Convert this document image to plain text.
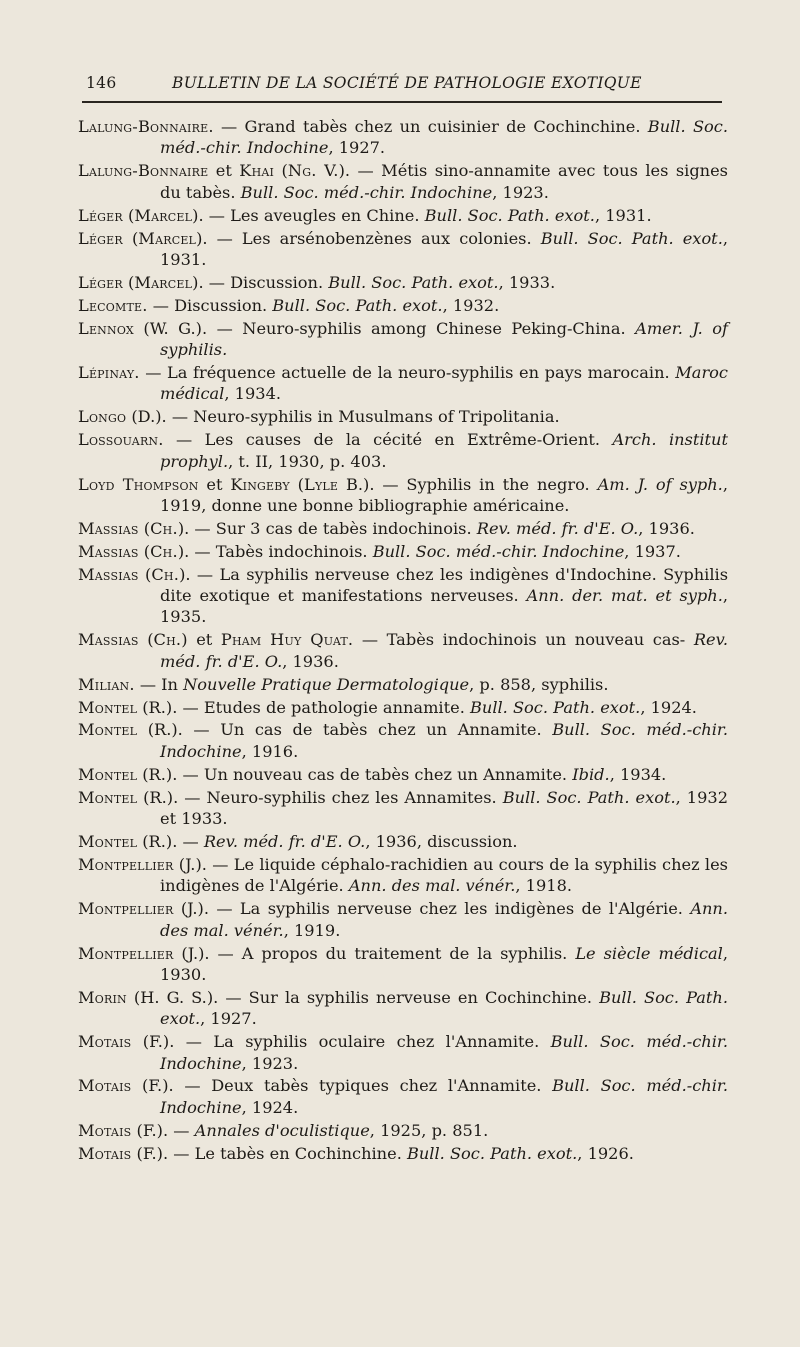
146	BULLETIN DE LA SOCIÉTÉ DE PATHOLOGIE EXOTIQUE
Lalung-Bonnaire. — Grand tabès chez un cuisinier de Cochinchine. Bull. Soc. méd.-chir. Indochine, 1927.
Lalung-Bonnaire et Khai (Ng. V.). — Métis sino-annamite avec tous les signes du tabès. Bull. Soc. méd.-chir. Indochine, 1923.
Léger (Marcel). — Les aveugles en Chine. Bull. Soc. Path. exot., 1931.
Léger (Marcel). — Les arsénobenzènes aux colonies. Bull. Soc. Path. exot., 1931.
Léger (Marcel). — Discussion. Bull. Soc. Path. exot., 1933.
Lecomte. — Discussion. Bull. Soc. Path. exot., 1932.
Lennox (W. G.). — Neuro-syphilis among Chinese Peking-China. Amer. J. of syphilis.
Lépinay. — La fréquence actuelle de la neuro-syphilis en pays marocain. Maroc médical, 1934.
Longo (D.). — Neuro-syphilis in Musulmans of Tripolitania.
Lossouarn. — Les causes de la cécité en Extrême-Orient. Arch. institut prophyl., t. II, 1930, p. 403.
Loyd Thompson et Kingeby (Lyle B.). — Syphilis in the negro. Am. J. of syph., 1919, donne une bonne bibliographie américaine.
Massias (Ch.). — Sur 3 cas de tabès indochinois. Rev. méd. fr. d'E. O., 1936.
Massias (Ch.). — Tabès indochinois. Bull. Soc. méd.-chir. Indochine, 1937.
Massias (Ch.). — La syphilis nerveuse chez les indigènes d'Indochine. Syphilis dite exotique et manifestations nerveuses. Ann. der. mat. et syph., 1935.
Massias (Ch.) et Pham Huy Quat. — Tabès indochinois un nouveau cas- Rev. méd. fr. d'E. O., 1936.
Milian. — In Nouvelle Pratique Dermatologique, p. 858, syphilis.
Montel (R.). — Etudes de pathologie annamite. Bull. Soc. Path. exot., 1924.
Montel (R.). — Un cas de tabès chez un Annamite. Bull. Soc. méd.-chir. Indochine, 1916.
Montel (R.). — Un nouveau cas de tabès chez un Annamite. Ibid., 1934.
Montel (R.). — Neuro-syphilis chez les Annamites. Bull. Soc. Path. exot., 1932 et 1933.
Montel (R.). — Rev. méd. fr. d'E. O., 1936, discussion.
Montpellier (J.). — Le liquide céphalo-rachidien au cours de la syphilis chez les indigènes de l'Algérie. Ann. des mal. vénér., 1918.
Montpellier (J.). — La syphilis nerveuse chez les indigènes de l'Algérie. Ann. des mal. vénér., 1919.
Montpellier (J.). — A propos du traitement de la syphilis. Le siècle médical, 1930.
Morin (H. G. S.). — Sur la syphilis nerveuse en Cochinchine. Bull. Soc. Path. exot., 1927.
Motais (F.). — La syphilis oculaire chez l'Annamite. Bull. Soc. méd.-chir. Indochine, 1923.
Motais (F.). — Deux tabès typiques chez l'Annamite. Bull. Soc. méd.-chir. Indochine, 1924.
Motais (F.). — Annales d'oculistique, 1925, p. 851.
Motais (F.). — Le tabès en Cochinchine. Bull. Soc. Path. exot., 1926.
